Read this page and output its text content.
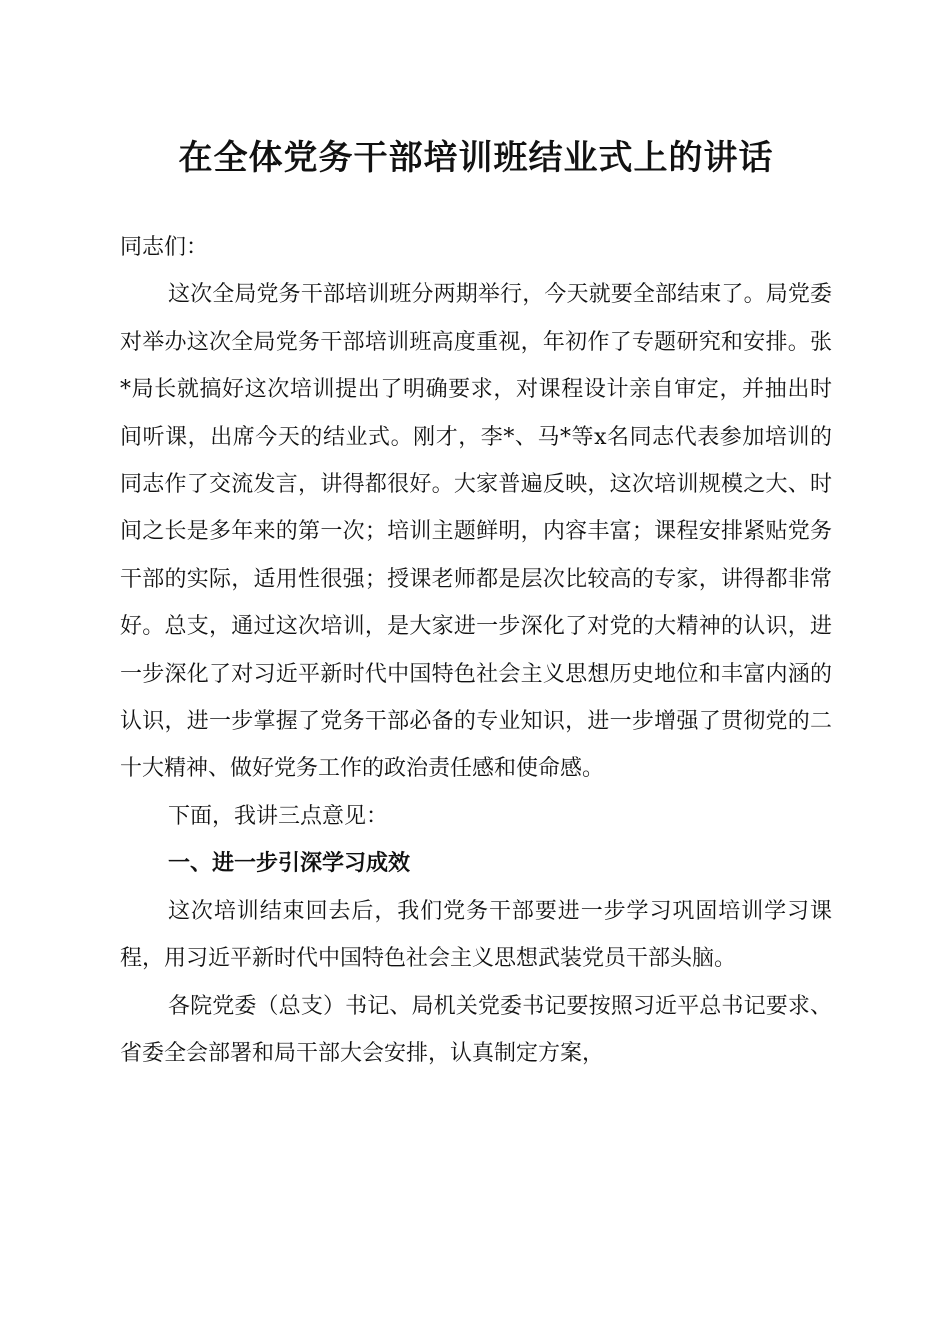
在全体党务干部培训班结业式上的讲话

同志们：

这次全局党务干部培训班分两期举行，今天就要全部结束了。局党委对举办这次全局党务干部培训班高度重视，年初作了专题研究和安排。张*局长就搞好这次培训提出了明确要求，对课程设计亲自审定，并抽出时间听课，出席今天的结业式。刚才，李*、马*等x名同志代表参加培训的同志作了交流发言，讲得都很好。大家普遍反映，这次培训规模之大、时间之长是多年来的第一次；培训主题鲜明，内容丰富；课程安排紧贴党务干部的实际，适用性很强；授课老师都是层次比较高的专家，讲得都非常好。总支，通过这次培训，是大家进一步深化了对党的大精神的认识，进一步深化了对习近平新时代中国特色社会主义思想历史地位和丰富内涵的认识，进一步掌握了党务干部必备的专业知识，进一步增强了贯彻党的二十大精神、做好党务工作的政治责任感和使命感。

下面，我讲三点意见：

一、进一步引深学习成效

这次培训结束回去后，我们党务干部要进一步学习巩固培训学习课程，用习近平新时代中国特色社会主义思想武装党员干部头脑。

各院党委（总支）书记、局机关党委书记要按照习近平总书记要求、省委全会部署和局干部大会安排，认真制定方案，
